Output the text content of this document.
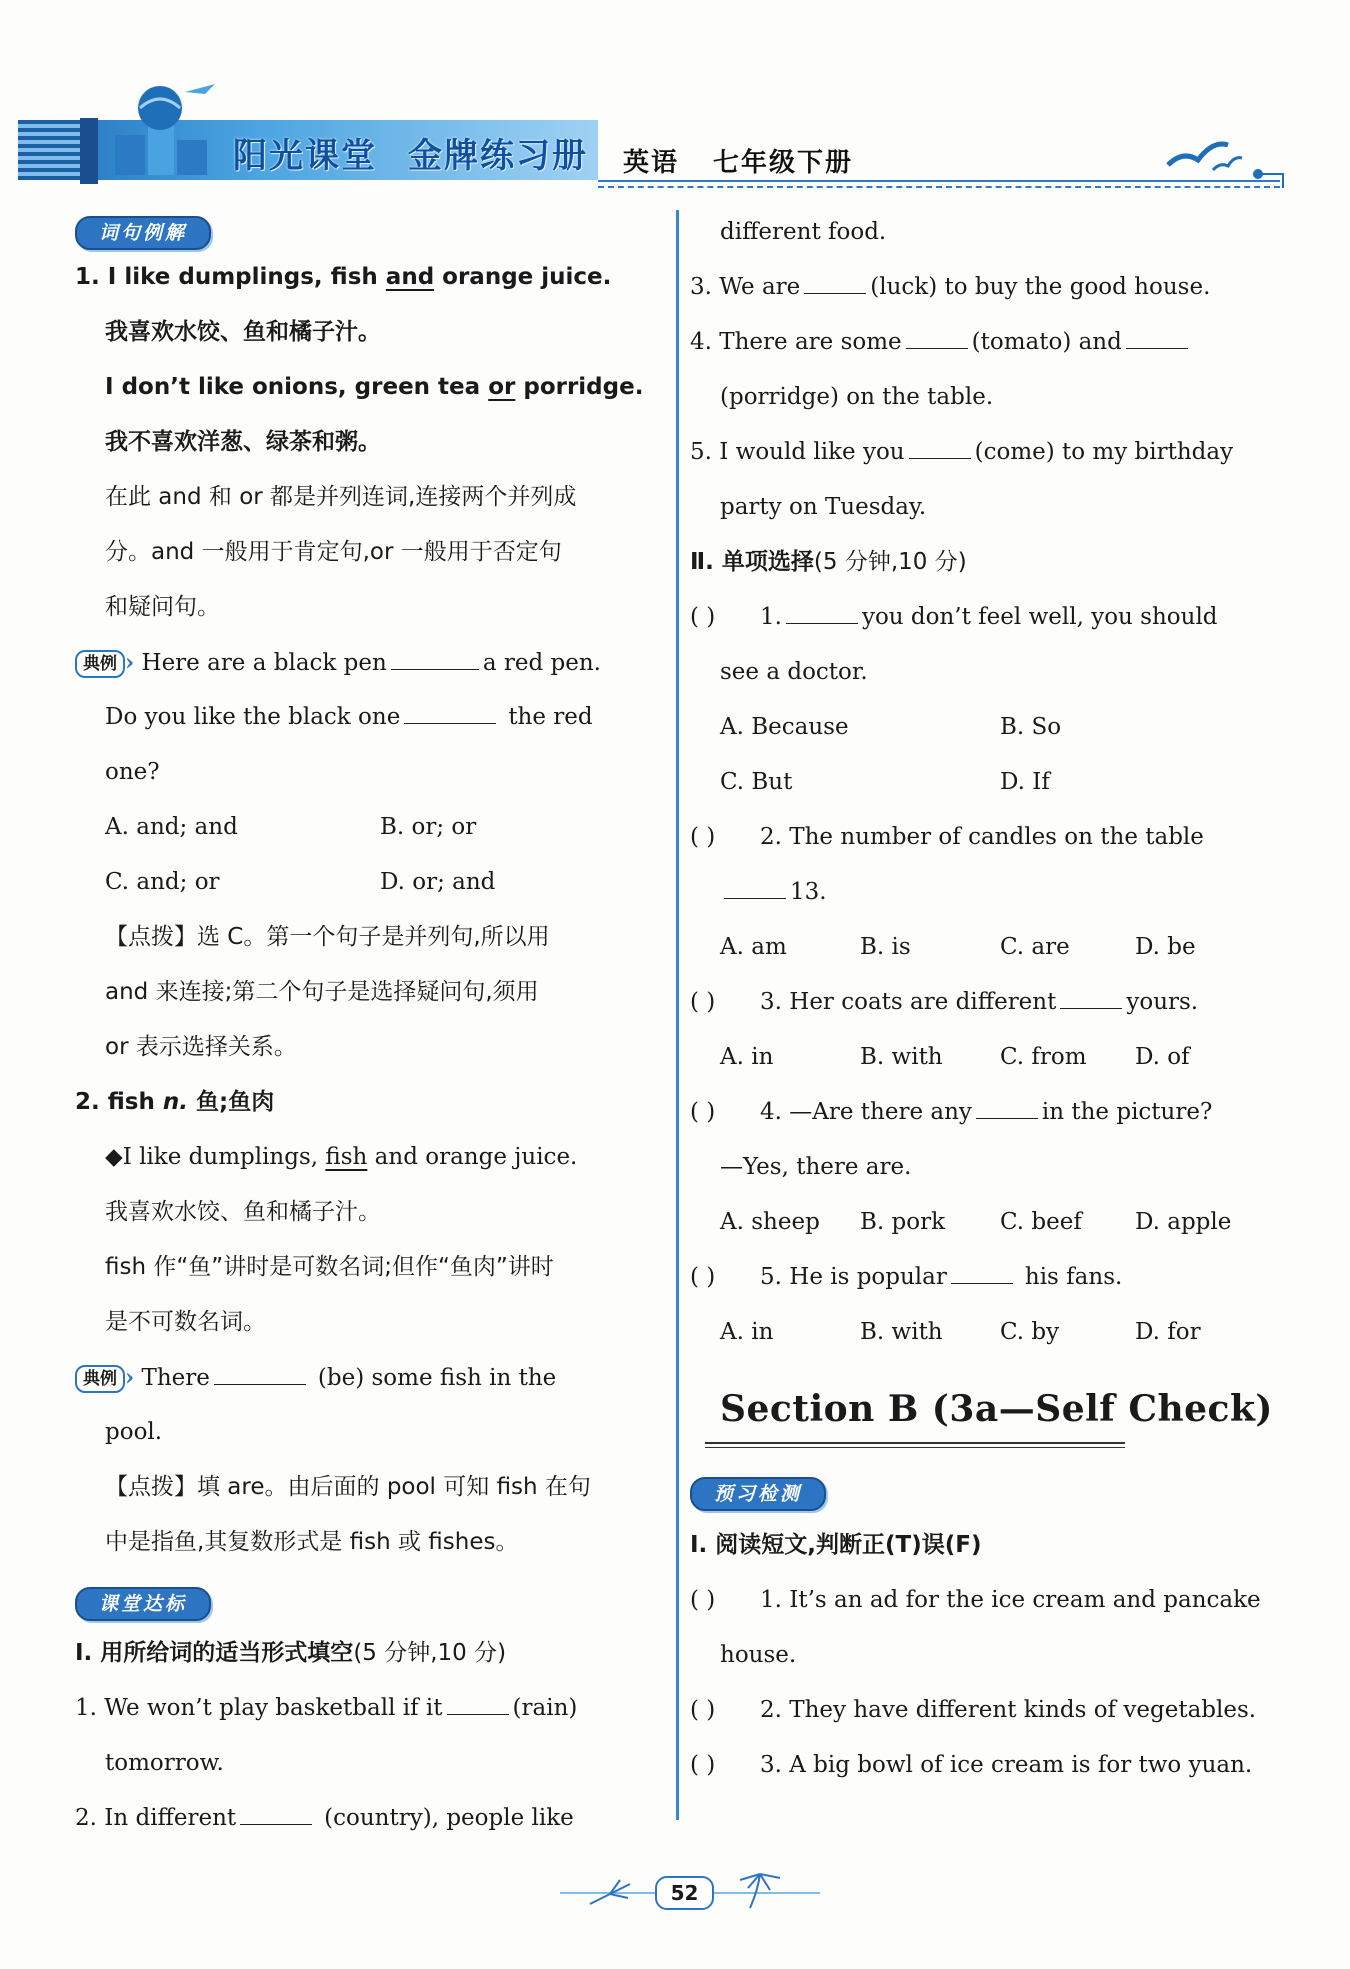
阳光课堂 金牌练习册 英语 七年级下册
词句例解
1. I like dumplings, fish and orange juice.
我喜欢水饺、鱼和橘子汁。
I don’t like onions, green tea or porridge.
我不喜欢洋葱、绿茶和粥。
在此 and 和 or 都是并列连词,连接两个并列成
分。and 一般用于肯定句,or 一般用于否定句
和疑问句。
典例 › Here are a black pen	a red pen.
Do you like the black one	the red
one?
A. and; and	B. or; or
C. and; or	D. or; and
【点拨】选 C。第一个句子是并列句,所以用
and 来连接;第二个句子是选择疑问句,须用
or 表示选择关系。
2. fish n. 鱼;鱼肉
◆I like dumplings, fish and orange juice.
我喜欢水饺、鱼和橘子汁。
fish 作“鱼”讲时是可数名词;但作“鱼肉”讲时
是不可数名词。
典例 › There	(be) some fish in the
pool.
【点拨】填 are。由后面的 pool 可知 fish 在句
中是指鱼,其复数形式是 fish 或 fishes。
课堂达标
Ⅰ. 用所给词的适当形式填空(5 分钟,10 分)
1. We won’t play basketball if it	(rain)
tomorrow.
2. In different	(country), people like
different food.
3. We are	(luck) to buy the good house.
4. There are some	(tomato) and
(porridge) on the table.
5. I would like you	(come) to my birthday
party on Tuesday.
Ⅱ. 单项选择(5 分钟,10 分)
( ) 1.	you don’t feel well, you should
see a doctor.
A. Because	B. So
C. But	D. If
( ) 2. The number of candles on the table
13.
A. am	B. is	C. are	D. be
( ) 3. Her coats are different	yours.
A. in	B. with	C. from	D. of
( ) 4. —Are there any	in the picture?
—Yes, there are.
A. sheep	B. pork	C. beef	D. apple
( ) 5. He is popular	his fans.
A. in	B. with	C. by	D. for
Section B (3a—Self Check)
预习检测
Ⅰ. 阅读短文,判断正(T)误(F)
( ) 1. It’s an ad for the ice cream and pancake
house.
( ) 2. They have different kinds of vegetables.
( ) 3. A big bowl of ice cream is for two yuan.
52
